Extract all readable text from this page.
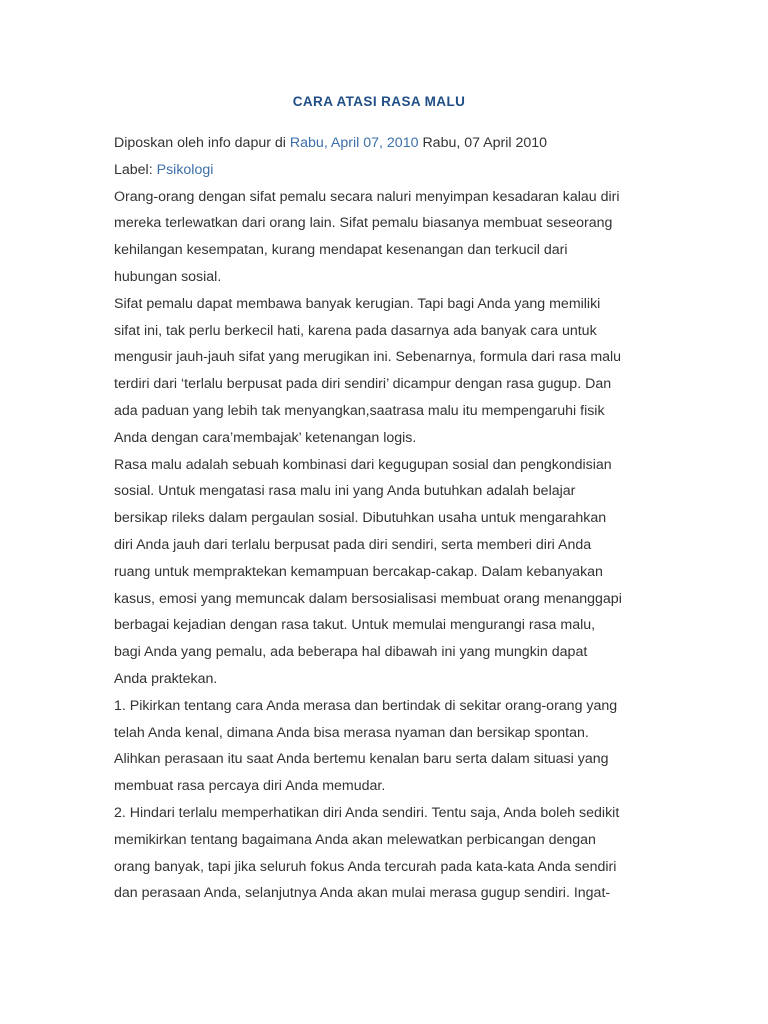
CARA ATASI RASA MALU

Diposkan oleh info dapur di Rabu, April 07, 2010 Rabu, 07 April 2010

Label: Psikologi

Orang-orang dengan sifat pemalu secara naluri menyimpan kesadaran kalau diri

mereka terlewatkan dari orang lain. Sifat pemalu biasanya membuat seseorang

kehilangan kesempatan, kurang mendapat kesenangan dan terkucil dari

hubungan sosial.

Sifat pemalu dapat membawa banyak kerugian. Tapi bagi Anda yang memiliki

sifat ini, tak perlu berkecil hati, karena pada dasarnya ada banyak cara untuk

mengusir jauh-jauh sifat yang merugikan ini. Sebenarnya, formula dari rasa malu

terdiri dari ‘terlalu berpusat pada diri sendiri’ dicampur dengan rasa gugup. Dan

ada paduan yang lebih tak menyangkan,saatrasa malu itu mempengaruhi fisik

Anda dengan cara’membajak’ ketenangan logis.

Rasa malu adalah sebuah kombinasi dari kegugupan sosial dan pengkondisian

sosial. Untuk mengatasi rasa malu ini yang Anda butuhkan adalah belajar

bersikap rileks dalam pergaulan sosial. Dibutuhkan usaha untuk mengarahkan

diri Anda jauh dari terlalu berpusat pada diri sendiri, serta memberi diri Anda

ruang untuk mempraktekan kemampuan bercakap-cakap. Dalam kebanyakan

kasus, emosi yang memuncak dalam bersosialisasi membuat orang menanggapi

berbagai kejadian dengan rasa takut. Untuk memulai mengurangi rasa malu,

bagi Anda yang pemalu, ada beberapa hal dibawah ini yang mungkin dapat

Anda praktekan.

1. Pikirkan tentang cara Anda merasa dan bertindak di sekitar orang-orang yang

telah Anda kenal, dimana Anda bisa merasa nyaman dan bersikap spontan.

Alihkan perasaan itu saat Anda bertemu kenalan baru serta dalam situasi yang

membuat rasa percaya diri Anda memudar.

2. Hindari terlalu memperhatikan diri Anda sendiri. Tentu saja, Anda boleh sedikit

memikirkan tentang bagaimana Anda akan melewatkan perbicangan dengan

orang banyak, tapi jika seluruh fokus Anda tercurah pada kata-kata Anda sendiri

dan perasaan Anda, selanjutnya Anda akan mulai merasa gugup sendiri. Ingat-
